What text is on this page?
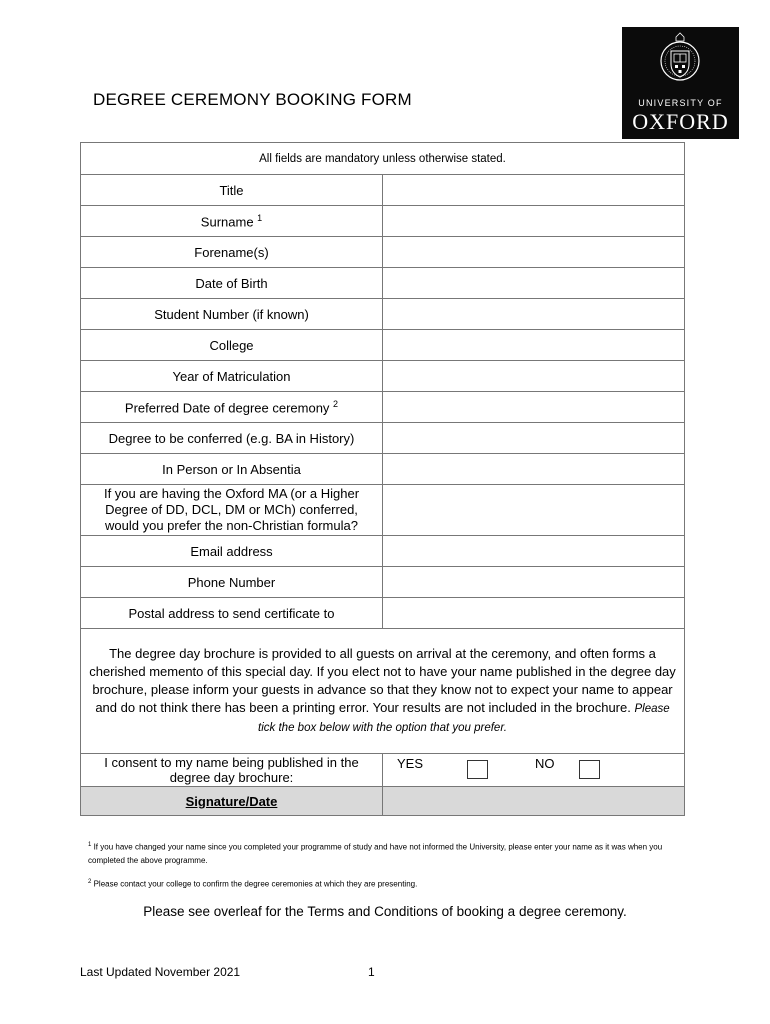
DEGREE CEREMONY BOOKING FORM	UNIVERSITY OF
OXFORD
All fields are mandatory unless otherwise stated.	
Title	
Surname $^1$	
Forename(s)	
Date of Birth	
Student Number (if known)	
College	
Year of Matriculation	
Preferred Date of degree ceremony $^2$	
Degree to be conferred (e.g. BA in History)	
In Person or In Absentia	
If you are having the Oxford MA (or a Higher Degree of DD, DCL, DM or MCh) conferred, would you prefer the non-Christian formula?	
Email address	
Phone Number	
Postal address to send certificate to	
The degree day brochure is provided to all guests on arrival at the ceremony, and often forms a cherished memento of this special day. If you elect not to have your name published in the degree day brochure, please inform your guests in advance so that they know not to expect your name to appear and do not think there has been a printing error. Your results are not included in the brochure. Please tick the box below with the option that you prefer.	
I consent to my name being published in the degree day brochure:	YES NO

Signature/Date	
$^1$ If you have changed your name since you completed your programme of study and have not informed the University, please enter your name as it was when you completed the above programme.
$^2$ Please contact your college to confirm the degree ceremonies at which they are presenting.
Please see overleaf for the Terms and Conditions of booking a degree ceremony.
Last Updated November 2021	1
